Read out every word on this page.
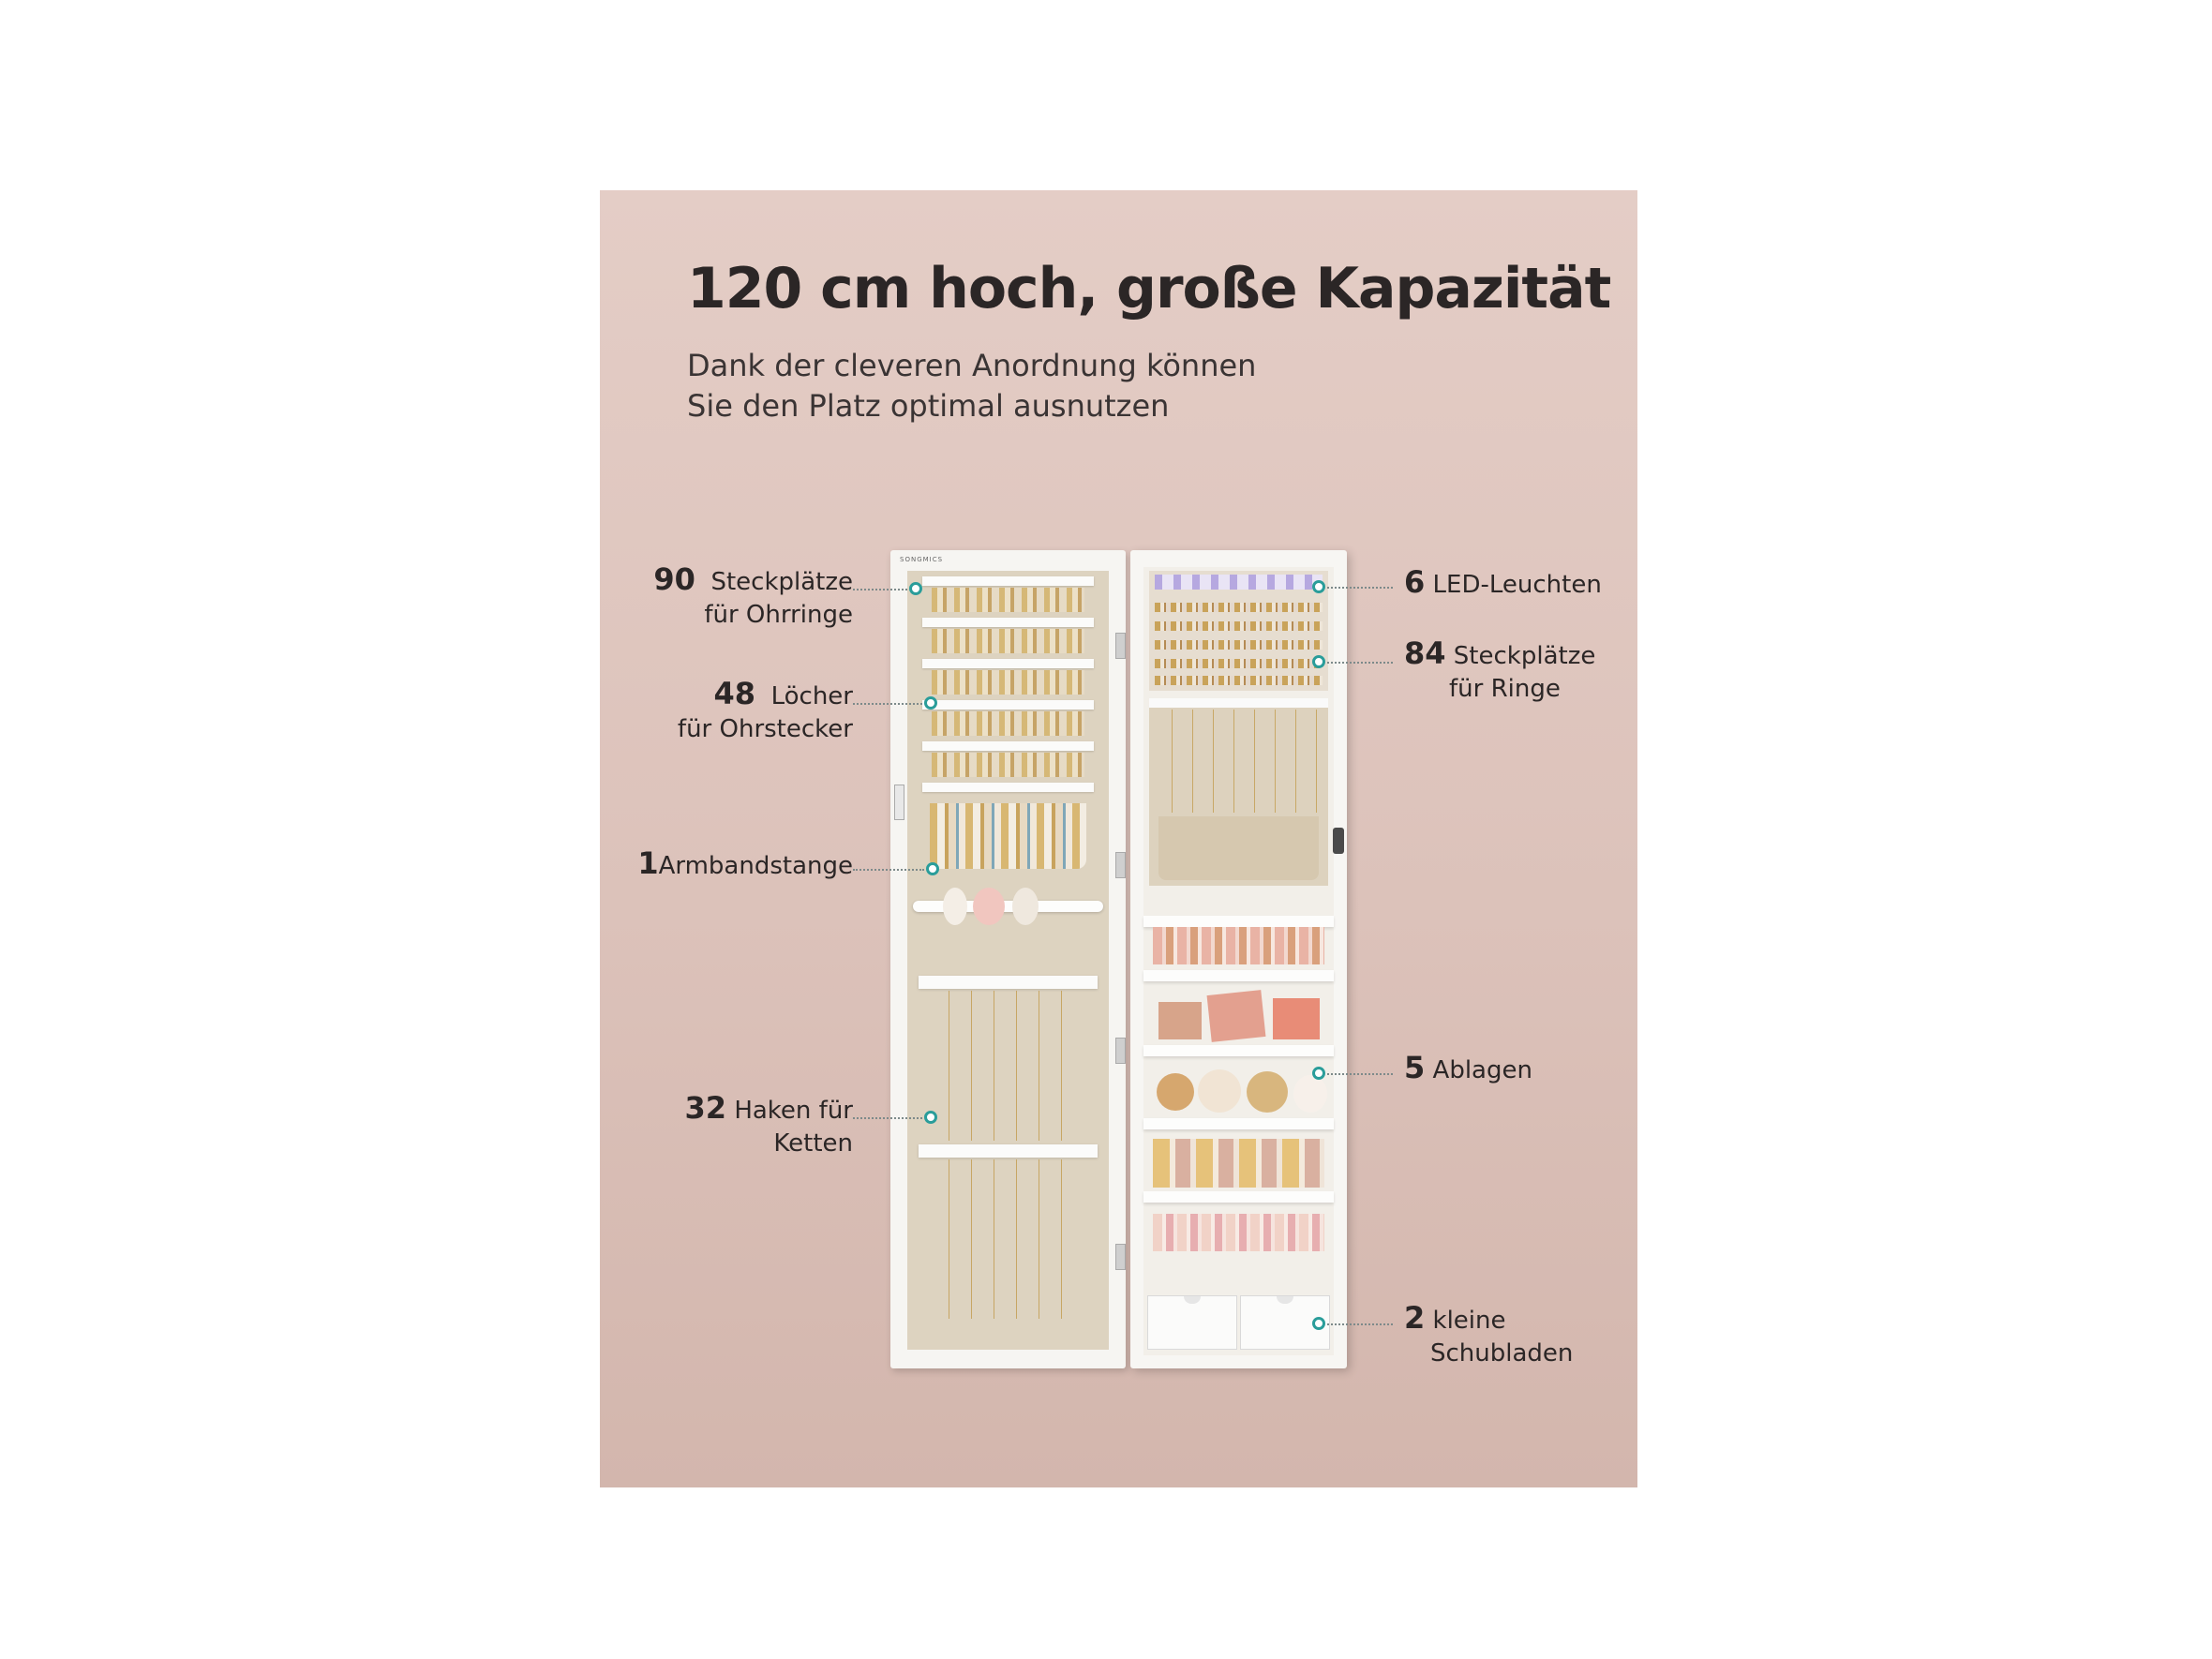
120 cm hoch, große Kapazität
Dank der cleveren Anordnung können
Sie den Platz optimal ausnutzen
SONGMICS
90 Steckplätze
für Ohrringe
48 Löcher
für Ohrstecker
1Armbandstange
32 Haken für
Ketten
6 LED-Leuchten
84 Steckplätze
für Ringe
5 Ablagen
2 kleine
Schubladen
